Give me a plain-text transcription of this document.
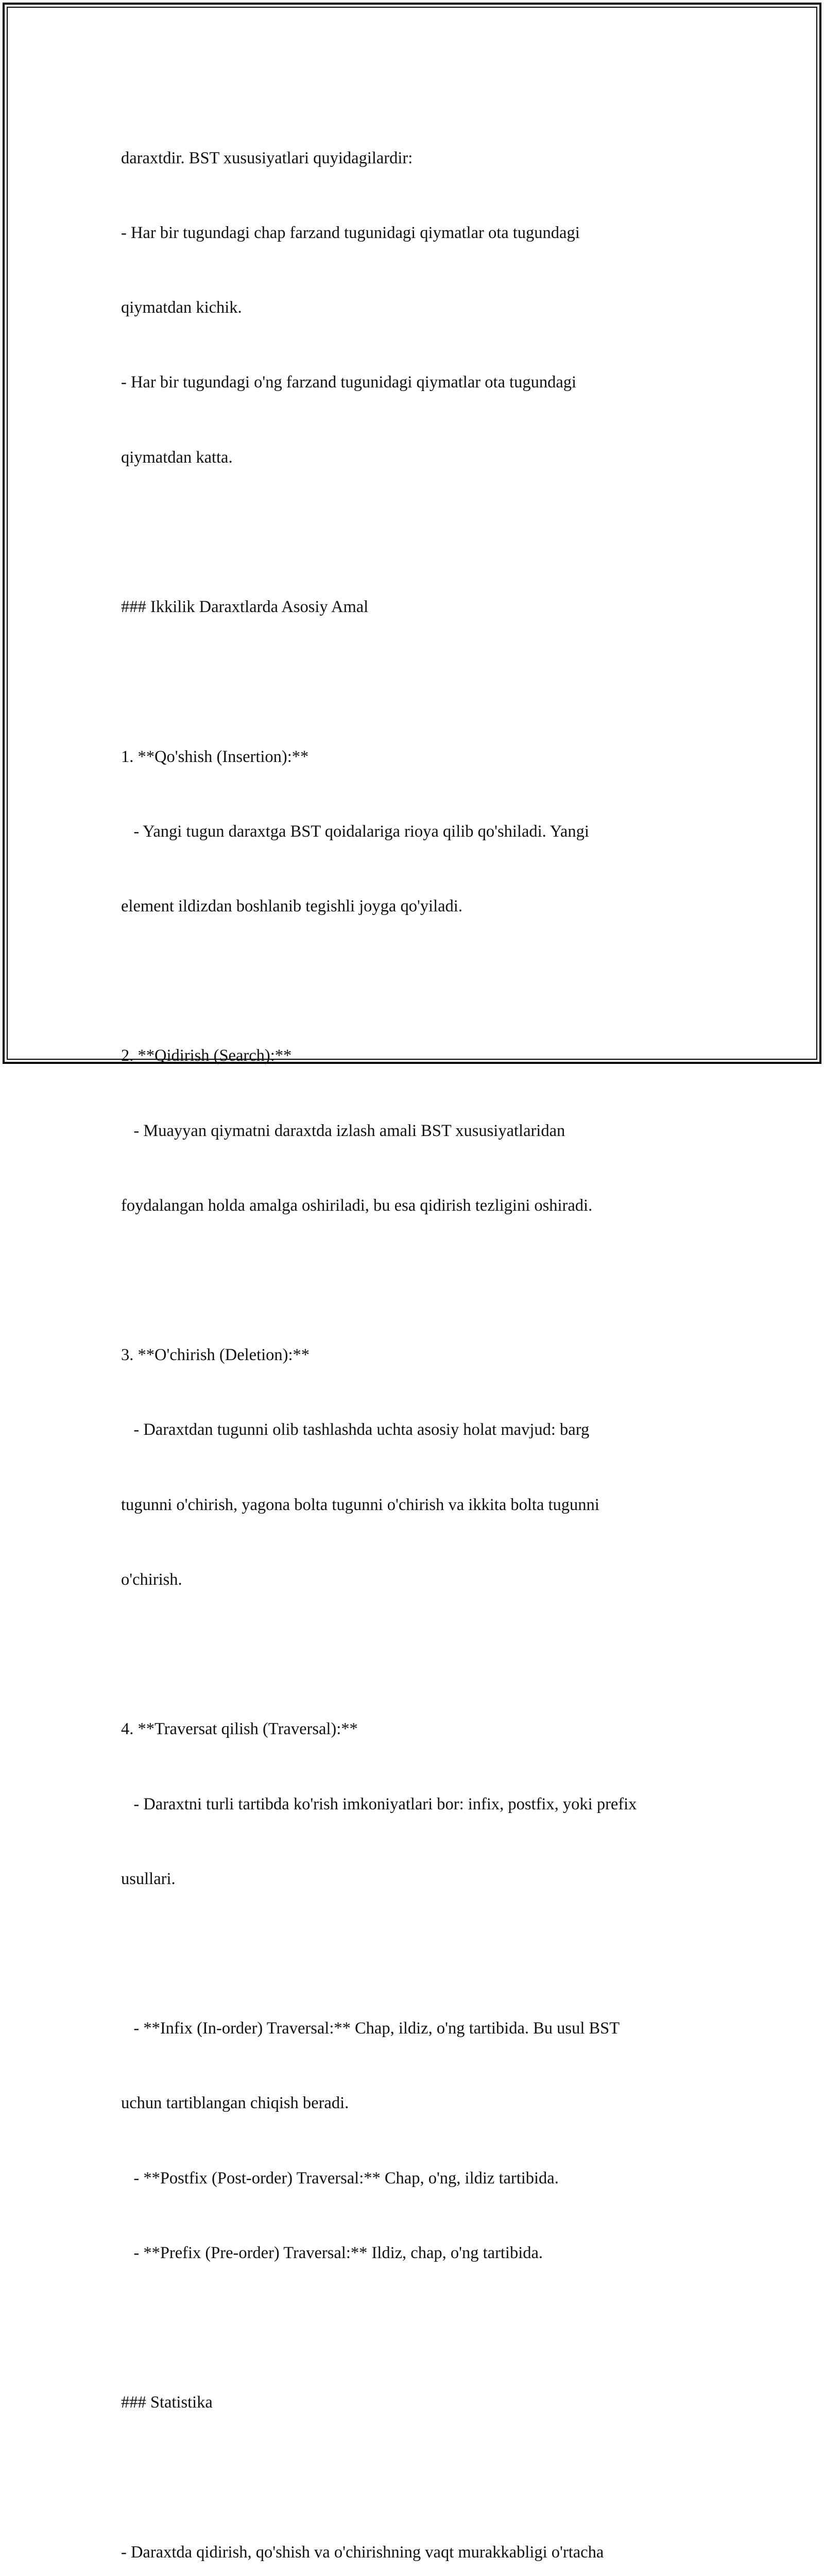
daraxtdir. BST xususiyatlari quyidagilardir:

- Har bir tugundagi chap farzand tugunidagi qiymatlar ota tugundagi

qiymatdan kichik.

- Har bir tugundagi o'ng farzand tugunidagi qiymatlar ota tugundagi

qiymatdan katta.

### Ikkilik Daraxtlarda Asosiy Amal

1. **Qo'shish (Insertion):**

- Yangi tugun daraxtga BST qoidalariga rioya qilib qo'shiladi. Yangi

element ildizdan boshlanib tegishli joyga qo'yiladi.

2. **Qidirish (Search):**

- Muayyan qiymatni daraxtda izlash amali BST xususiyatlaridan

foydalangan holda amalga oshiriladi, bu esa qidirish tezligini oshiradi.

3. **O'chirish (Deletion):**

- Daraxtdan tugunni olib tashlashda uchta asosiy holat mavjud: barg

tugunni o'chirish, yagona bolta tugunni o'chirish va ikkita bolta tugunni

o'chirish.

4. **Traversat qilish (Traversal):**

- Daraxtni turli tartibda ko'rish imkoniyatlari bor: infix, postfix, yoki prefix

usullari.

- **Infix (In-order) Traversal:** Chap, ildiz, o'ng tartibida. Bu usul BST

uchun tartiblangan chiqish beradi.

- **Postfix (Post-order) Traversal:** Chap, o'ng, ildiz tartibida.

- **Prefix (Pre-order) Traversal:** Ildiz, chap, o'ng tartibida.

### Statistika

- Daraxtda qidirish, qo'shish va o'chirishning vaqt murakkabligi o'rtacha
